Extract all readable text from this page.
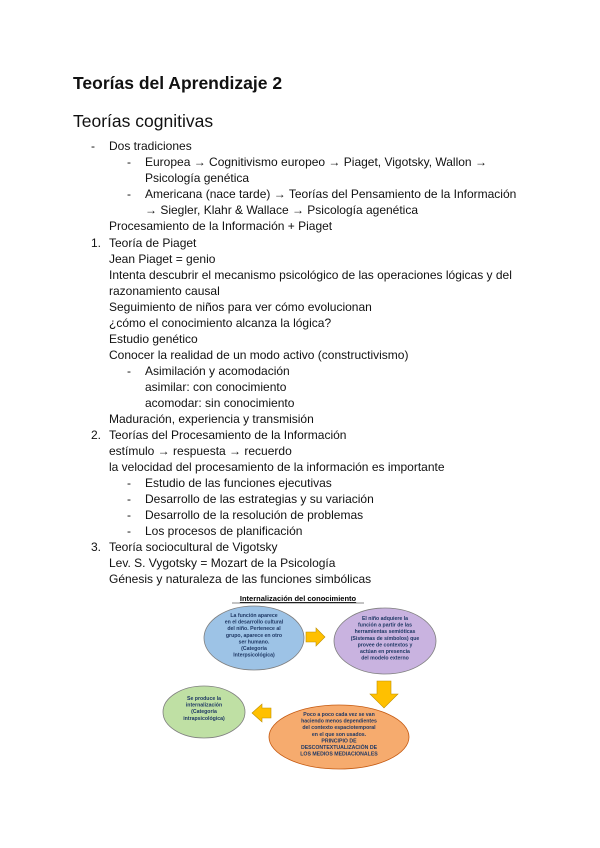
Teorías del Aprendizaje 2
Teorías cognitivas
- Dos tradiciones
- Europea → Cognitivismo europeo → Piaget, Vigotsky, Wallon →
Psicología genética
- Americana (nace tarde) → Teorías del Pensamiento de la Información
→ Siegler, Klahr & Wallace → Psicología agenética
Procesamiento de la Información + Piaget
1. Teoría de Piaget
Jean Piaget = genio
Intenta descubrir el mecanismo psicológico de las operaciones lógicas y del
razonamiento causal
Seguimiento de niños para ver cómo evolucionan
¿cómo el conocimiento alcanza la lógica?
Estudio genético
Conocer la realidad de un modo activo (constructivismo)
- Asimilación y acomodación
asimilar: con conocimiento
acomodar: sin conocimiento
Maduración, experiencia y transmisión
2. Teorías del Procesamiento de la Información
estímulo → respuesta → recuerdo
la velocidad del procesamiento de la información es importante
- Estudio de las funciones ejecutivas
- Desarrollo de las estrategias y su variación
- Desarrollo de la resolución de problemas
- Los procesos de planificación
3. Teoría sociocultural de Vigotsky
Lev. S. Vygotsky = Mozart de la Psicología
Génesis y naturaleza de las funciones simbólicas
Internalización del conocimiento
La función aparece en el desarrollo cultural del niño. Pertenece al grupo, aparece en otro ser humano. (Categoría Interpsicológica)
El niño adquiere la función a partir de las herramientas semióticas (Sistemas de símbolos) que provee de contextos y actúan en presencia del modelo externo
Poco a poco cada vez se van haciendo menos dependientes del contexto espaciotemporal en el que son usados. PRINCIPIO DE DESCONTEXTUALIZACIÓN DE LOS MEDIOS MEDIACIONALES
Se produce la internalización (Categoría intrapsicológica)
